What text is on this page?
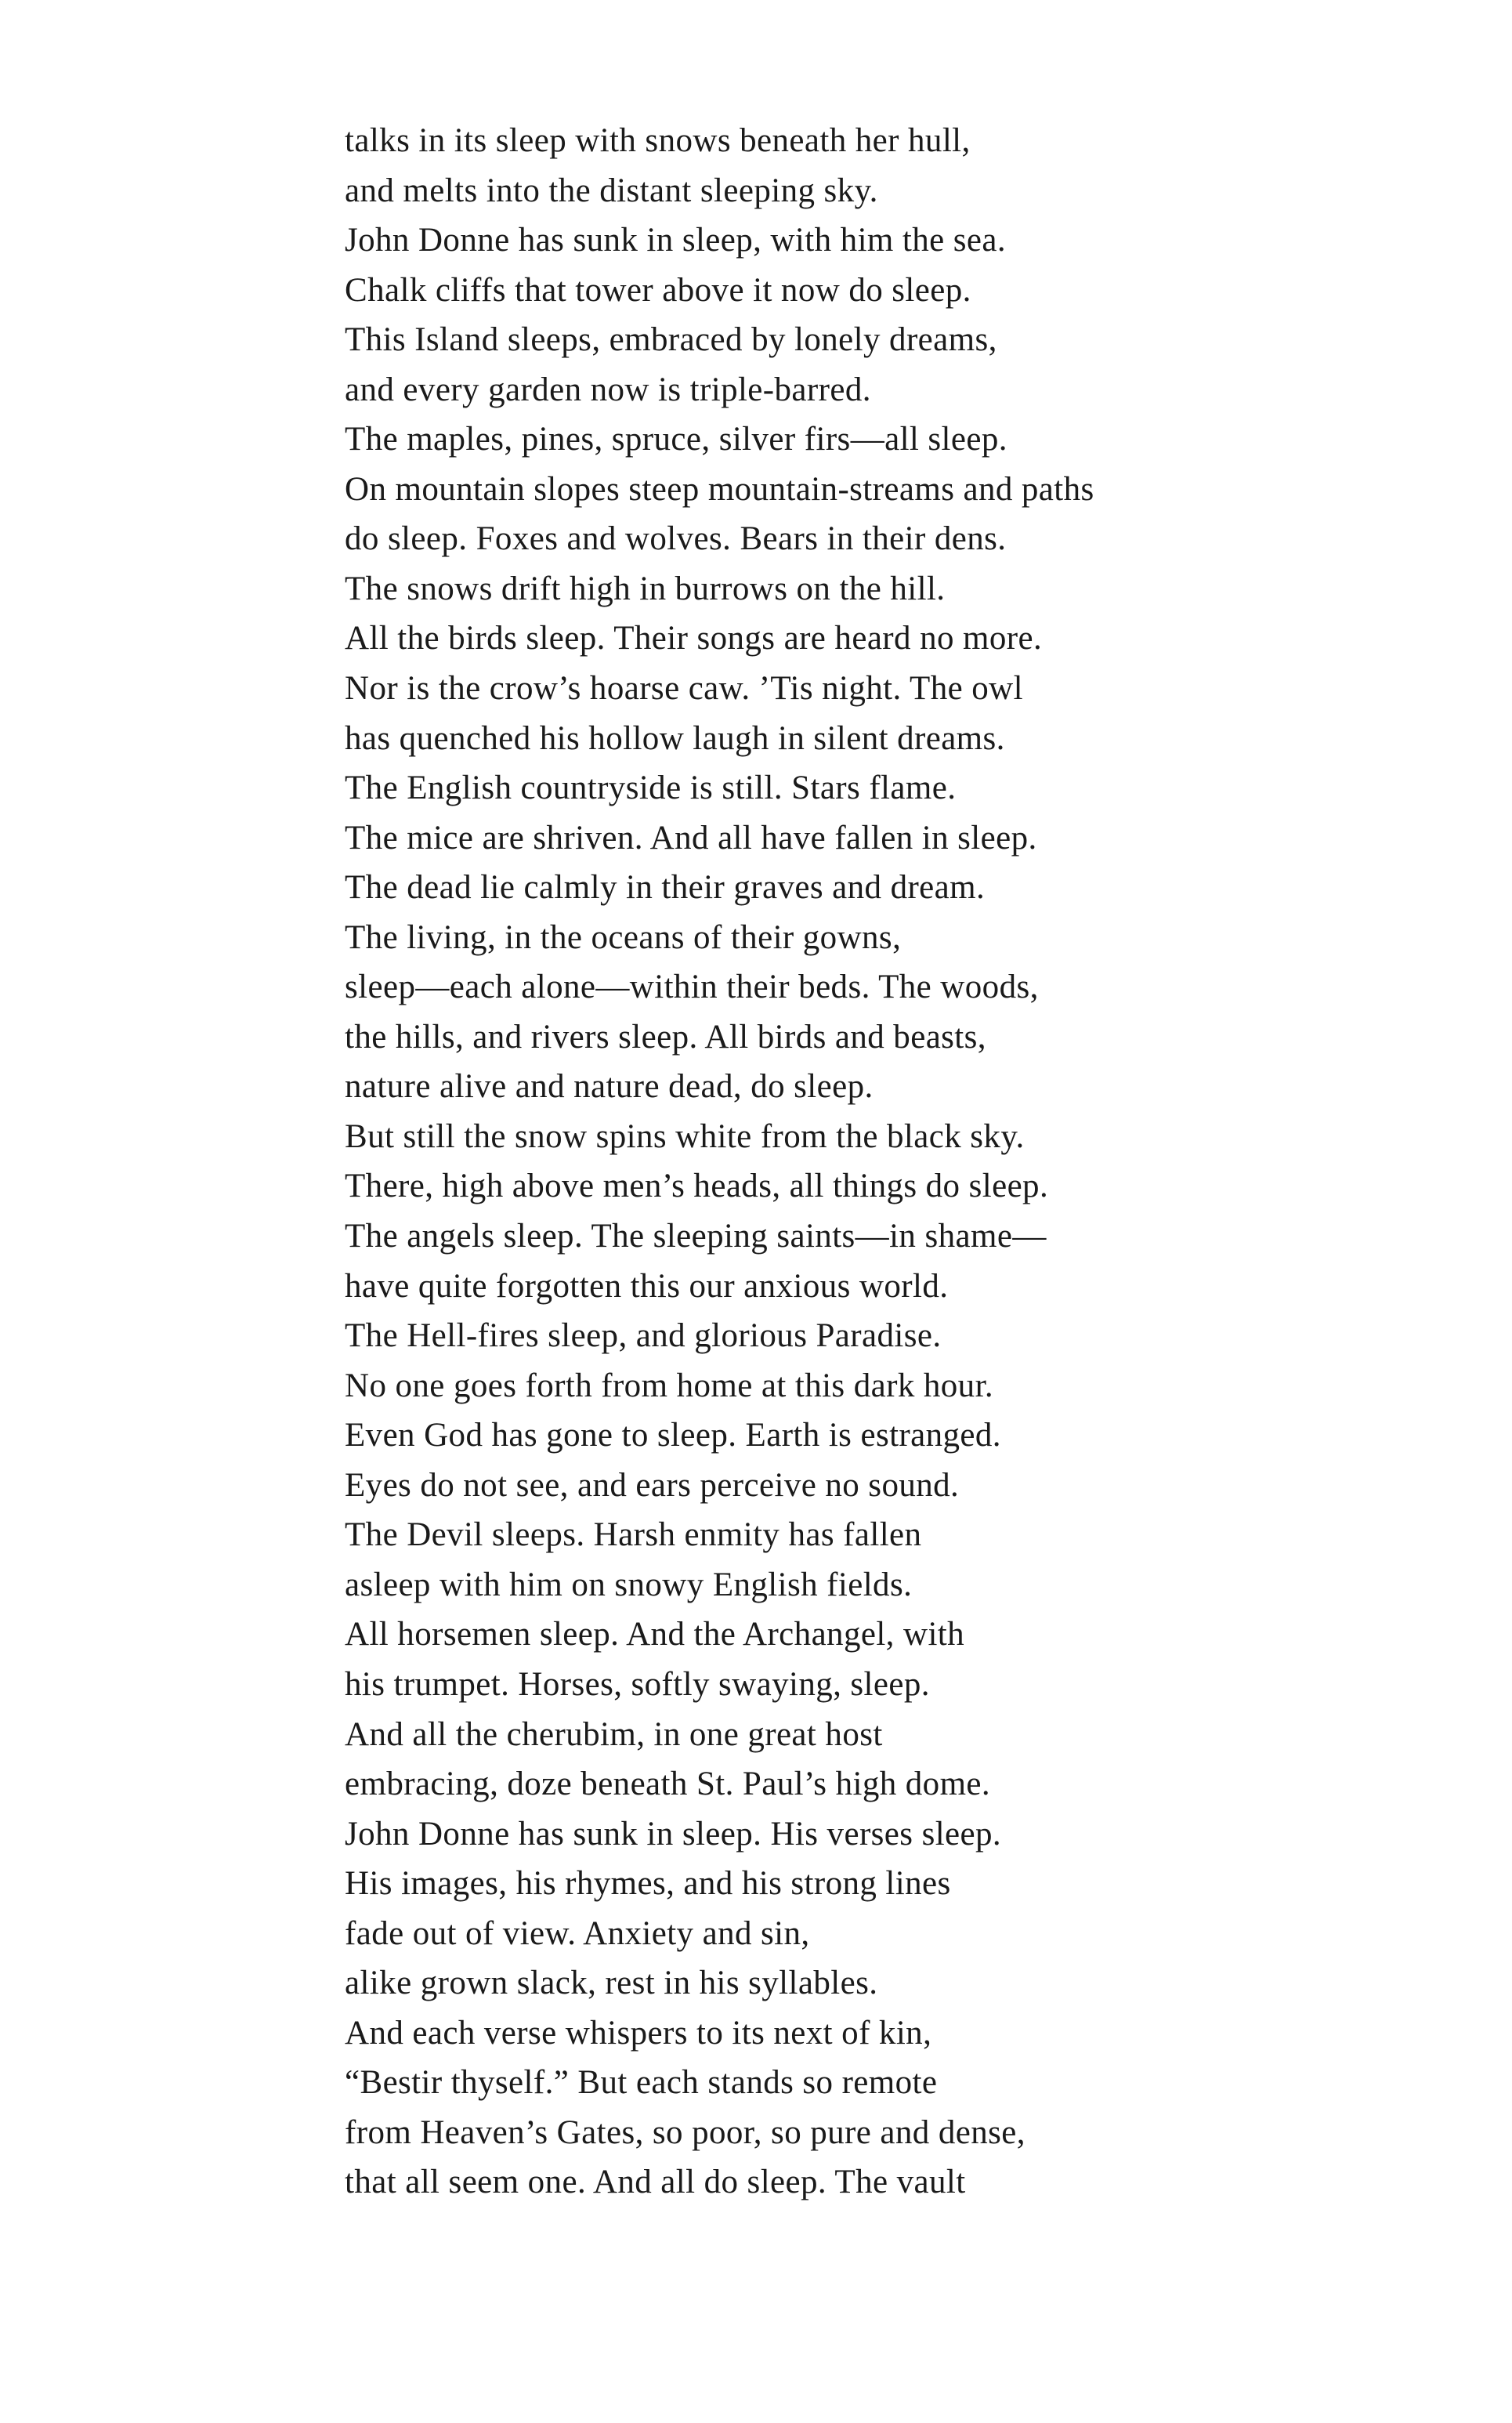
talks in its sleep with snows beneath her hull,
and melts into the distant sleeping sky.
John Donne has sunk in sleep, with him the sea.
Chalk cliffs that tower above it now do sleep.
This Island sleeps, embraced by lonely dreams,
and every garden now is triple-barred.
The maples, pines, spruce, silver firs—all sleep.
On mountain slopes steep mountain-streams and paths
do sleep. Foxes and wolves. Bears in their dens.
The snows drift high in burrows on the hill.
All the birds sleep. Their songs are heard no more.
Nor is the crow’s hoarse caw. ’Tis night. The owl
has quenched his hollow laugh in silent dreams.
The English countryside is still. Stars flame.
The mice are shriven. And all have fallen in sleep.
The dead lie calmly in their graves and dream.
The living, in the oceans of their gowns,
sleep—each alone—within their beds. The woods,
the hills, and rivers sleep. All birds and beasts,
nature alive and nature dead, do sleep.
But still the snow spins white from the black sky.
There, high above men’s heads, all things do sleep.
The angels sleep. The sleeping saints—in shame—
have quite forgotten this our anxious world.
The Hell-fires sleep, and glorious Paradise.
No one goes forth from home at this dark hour.
Even God has gone to sleep. Earth is estranged.
Eyes do not see, and ears perceive no sound.
The Devil sleeps. Harsh enmity has fallen
asleep with him on snowy English fields.
All horsemen sleep. And the Archangel, with
his trumpet. Horses, softly swaying, sleep.
And all the cherubim, in one great host
embracing, doze beneath St. Paul’s high dome.
John Donne has sunk in sleep. His verses sleep.
His images, his rhymes, and his strong lines
fade out of view. Anxiety and sin,
alike grown slack, rest in his syllables.
And each verse whispers to its next of kin,
“Bestir thyself.” But each stands so remote
from Heaven’s Gates, so poor, so pure and dense,
that all seem one. And all do sleep. The vault
